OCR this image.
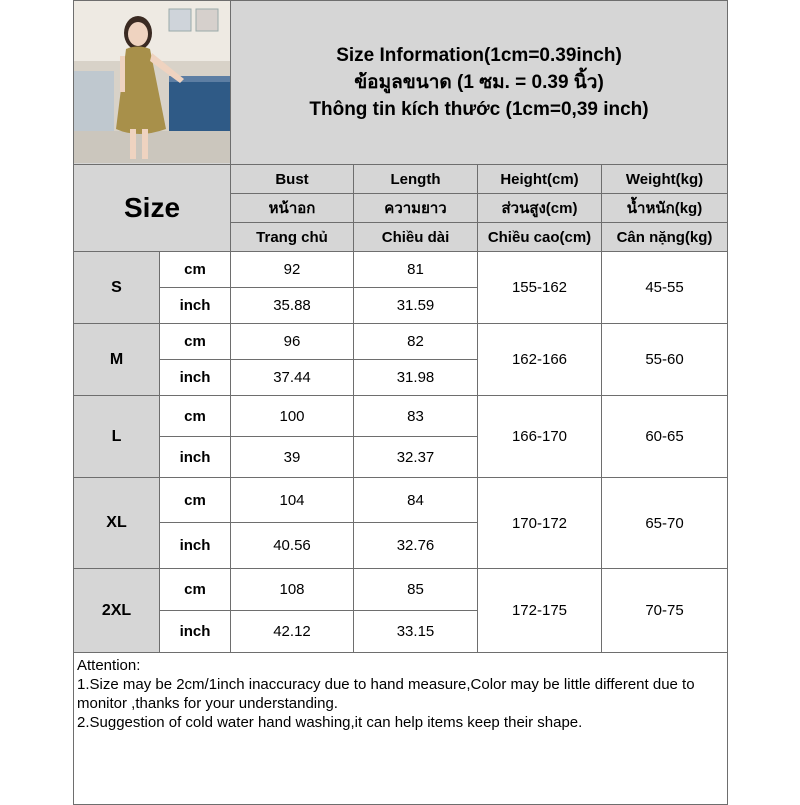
Size Information(1cm=0.39inch)
ข้อมูลขนาด (1 ซม. = 0.39 นิ้ว)
Thông tin kích thước (1cm=0,39 inch)			

Size		Bust	Length	Height(cm)	Weight(kg)
		หน้าอก	ความยาว	ส่วนสูง(cm)	น้ำหนัก(kg)
		Trang chủ	Chiều dài	Chiều cao(cm)	Cân nặng(kg)
S	cm	92	81	155-162	45-55
	inch	35.88	31.59		
M	cm	96	82	162-166	55-60
	inch	37.44	31.98		
L	cm	100	83	166-170	60-65
	inch	39	32.37		
XL	cm	104	84	170-172	65-70
	inch	40.56	32.76		
2XL	cm	108	85	172-175	70-75
	inch	42.12	33.15		

Attention:
1.Size may be 2cm/1inch inaccuracy due to hand measure,Color may be little different due to monitor ,thanks for your understanding.
2.Suggestion of cold water hand washing,it can help items keep their shape.					
